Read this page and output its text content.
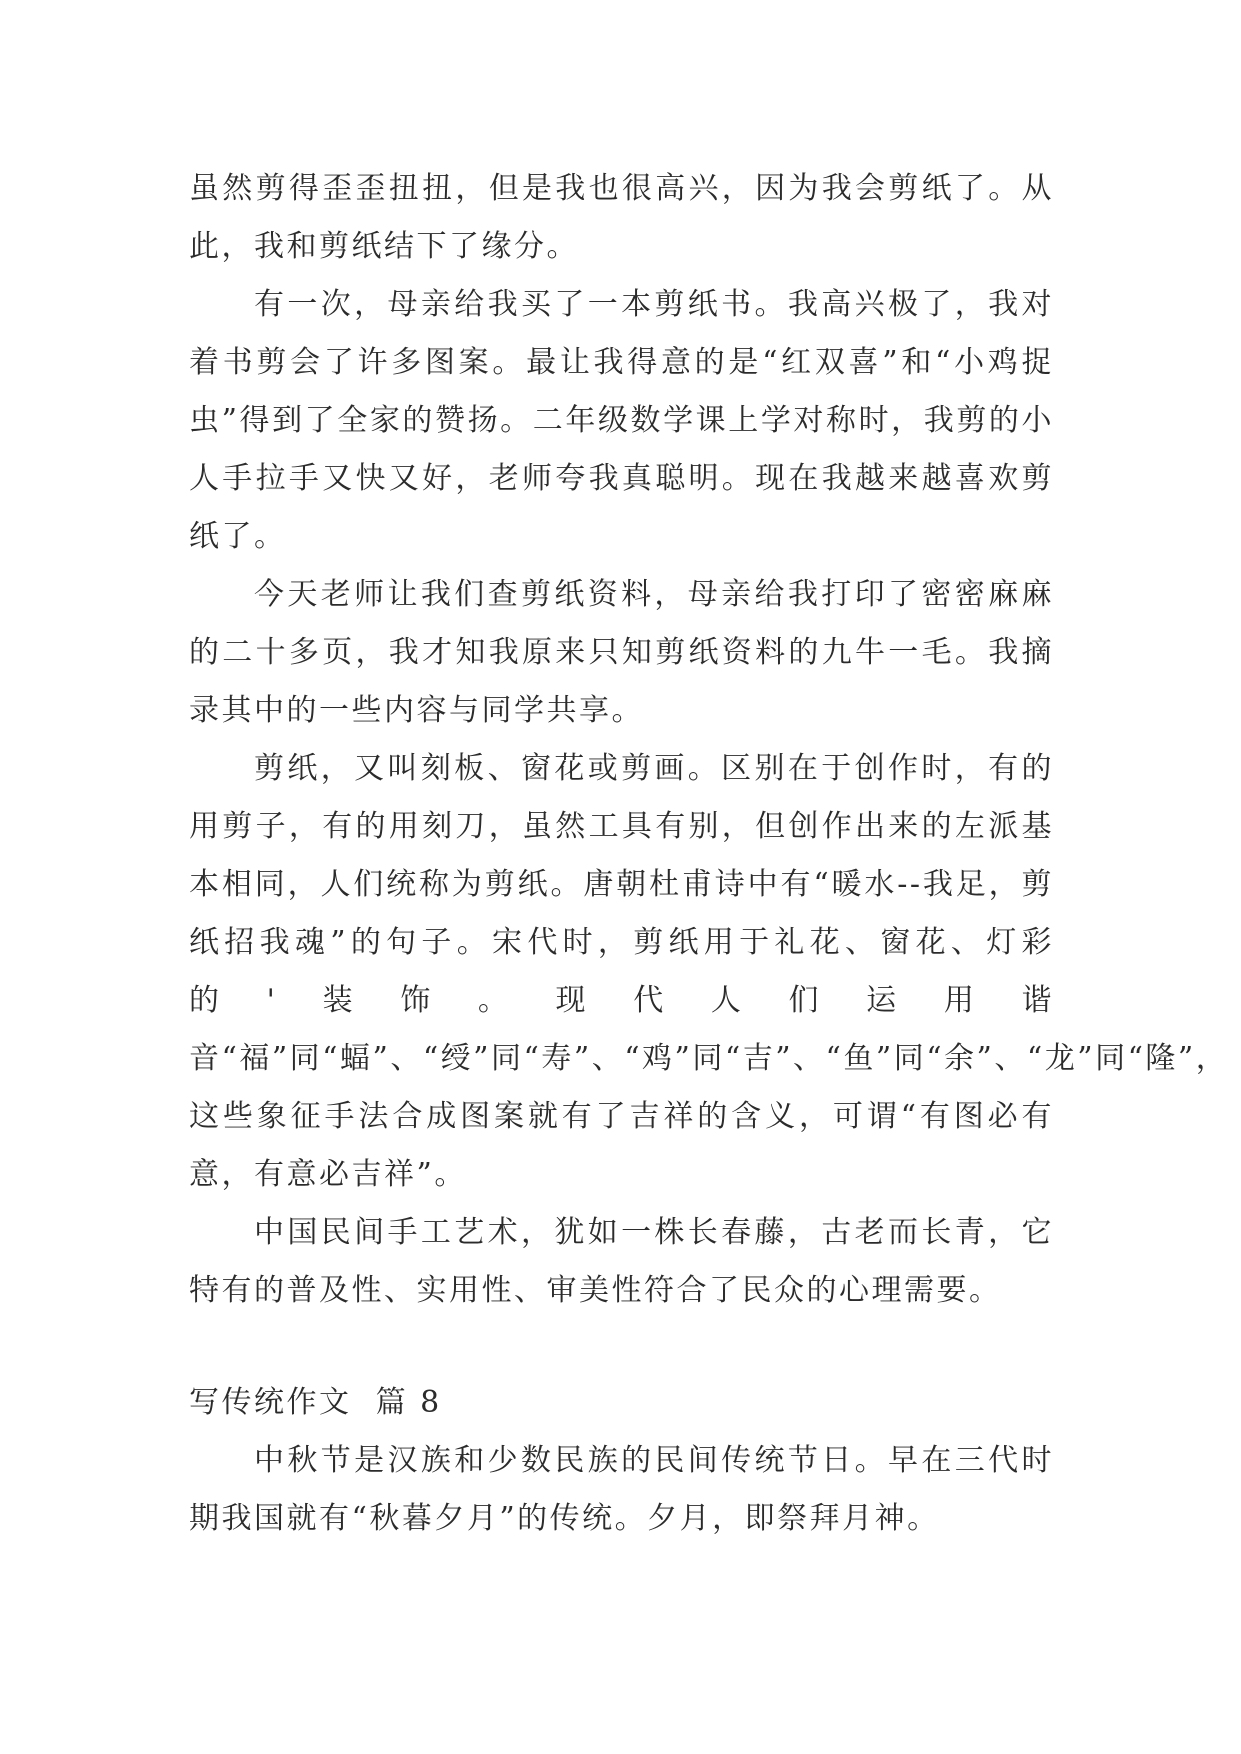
虽然剪得歪歪扭扭，但是我也很高兴，因为我会剪纸了。从此，我和剪纸结下了缘分。

有一次，母亲给我买了一本剪纸书。我高兴极了，我对着书剪会了许多图案。最让我得意的是“红双喜”和“小鸡捉虫”得到了全家的赞扬。二年级数学课上学对称时，我剪的小人手拉手又快又好，老师夸我真聪明。现在我越来越喜欢剪纸了。

今天老师让我们查剪纸资料，母亲给我打印了密密麻麻的二十多页，我才知我原来只知剪纸资料的九牛一毛。我摘录其中的一些内容与同学共享。

剪纸，又叫刻板、窗花或剪画。区别在于创作时，有的用剪子，有的用刻刀，虽然工具有别，但创作出来的左派基本相同，人们统称为剪纸。唐朝杜甫诗中有“暖水--我足，剪纸招我魂”的句子。宋代时，剪纸用于礼花、窗花、灯彩的'装饰。现代人们运用谐音“福”同“蝠”、“绶”同“寿”、“鸡”同“吉”、“鱼”同“余”、“龙”同“隆”，这些象征手法合成图案就有了吉祥的含义，可谓“有图必有意，有意必吉祥”。

中国民间手工艺术，犹如一株长春藤，古老而长青，它特有的普及性、实用性、审美性符合了民众的心理需要。

写传统作文  篇 8

中秋节是汉族和少数民族的民间传统节日。早在三代时期我国就有“秋暮夕月”的传统。夕月，即祭拜月神。
